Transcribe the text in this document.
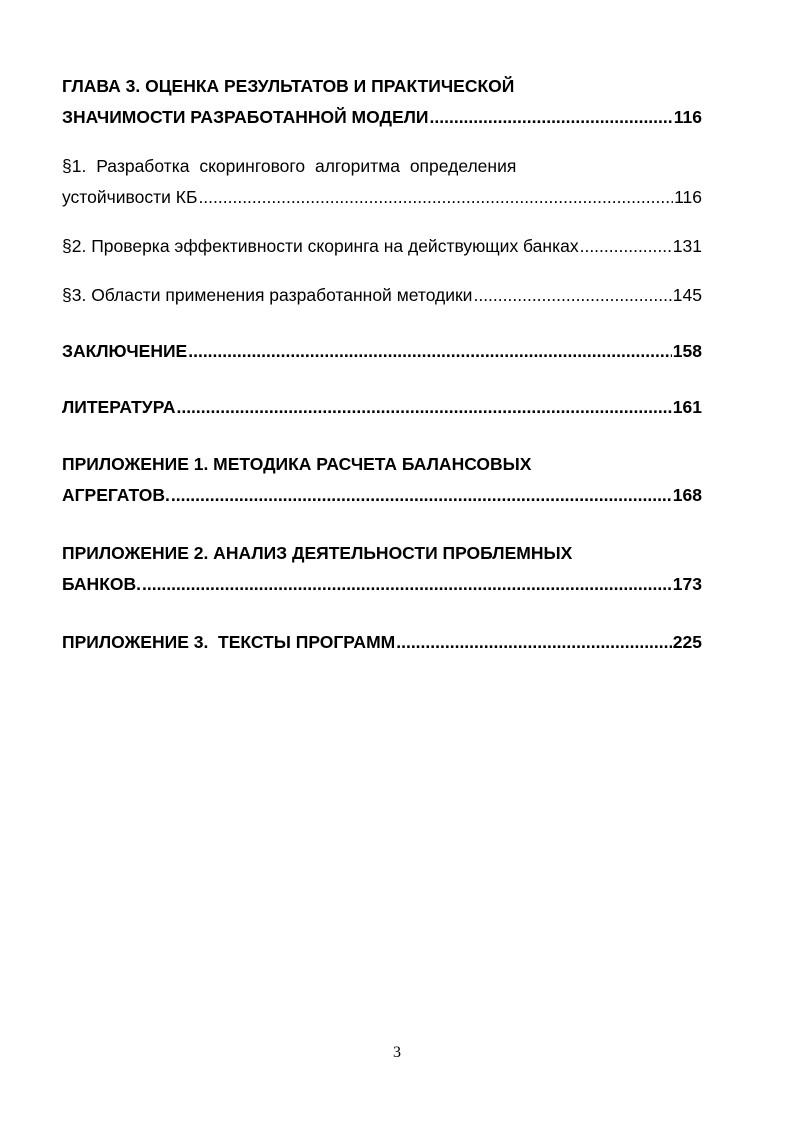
ГЛАВА 3. ОЦЕНКА РЕЗУЛЬТАТОВ И ПРАКТИЧЕСКОЙ
ЗНАЧИМОСТИ РАЗРАБОТАННОЙ МОДЕЛИ .....	116
§1. Разработка скорингового алгоритма определения
устойчивости КБ .....	116
§2. Проверка эффективности скоринга на действующих банках .....	131
§3. Области применения разработанной методики .....	145
ЗАКЛЮЧЕНИЕ .....	158
ЛИТЕРАТУРА .....	161
ПРИЛОЖЕНИЕ 1. МЕТОДИКА РАСЧЕТА БАЛАНСОВЫХ
АГРЕГАТОВ. .....	168
ПРИЛОЖЕНИЕ 2. АНАЛИЗ ДЕЯТЕЛЬНОСТИ ПРОБЛЕМНЫХ
БАНКОВ. .....	173
ПРИЛОЖЕНИЕ 3.  ТЕКСТЫ ПРОГРАММ .....	225
3
